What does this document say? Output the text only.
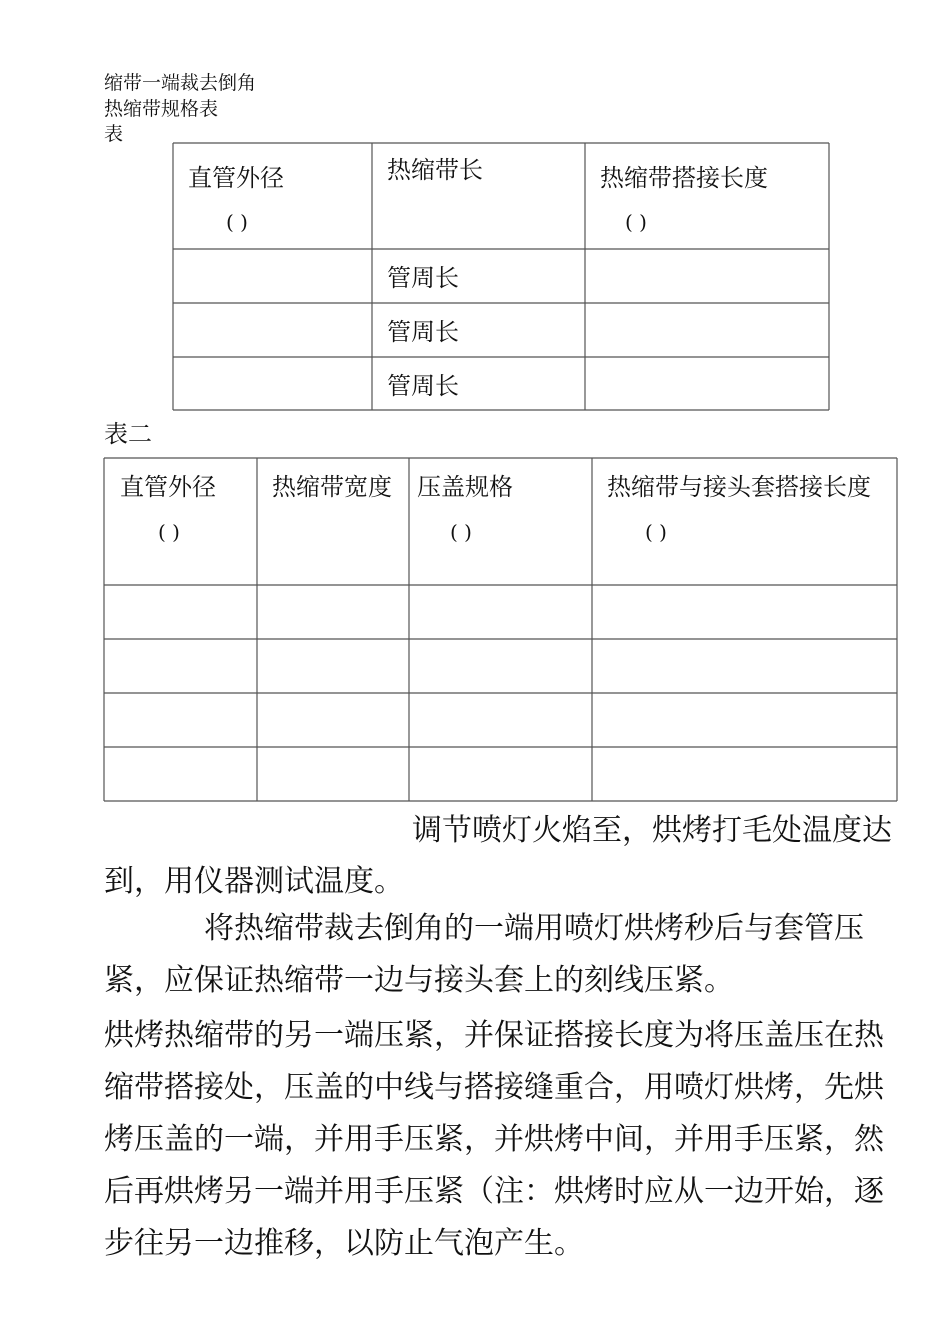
缩带一端裁去倒角
热缩带规格表
表
直管外径
( )
热缩带长	热缩带搭接长度
( )
管周长
管周长
管周长
表二
直管外径
( )
热缩带宽度 压盖规格
( )
热缩带与接头套搭接长度
( )
调节喷灯火焰至，烘烤打毛处温度达
到，用仪器测试温度。
将热缩带裁去倒角的一端用喷灯烘烤秒后与套管压
紧，应保证热缩带一边与接头套上的刻线压紧。
烘烤热缩带的另一端压紧，并保证搭接长度为将压盖压在热
缩带搭接处，压盖的中线与搭接缝重合，用喷灯烘烤，先烘
烤压盖的一端，并用手压紧，并烘烤中间，并用手压紧，然
后再烘烤另一端并用手压紧（注：烘烤时应从一边开始，逐
步往另一边推移，以防止气泡产生。
